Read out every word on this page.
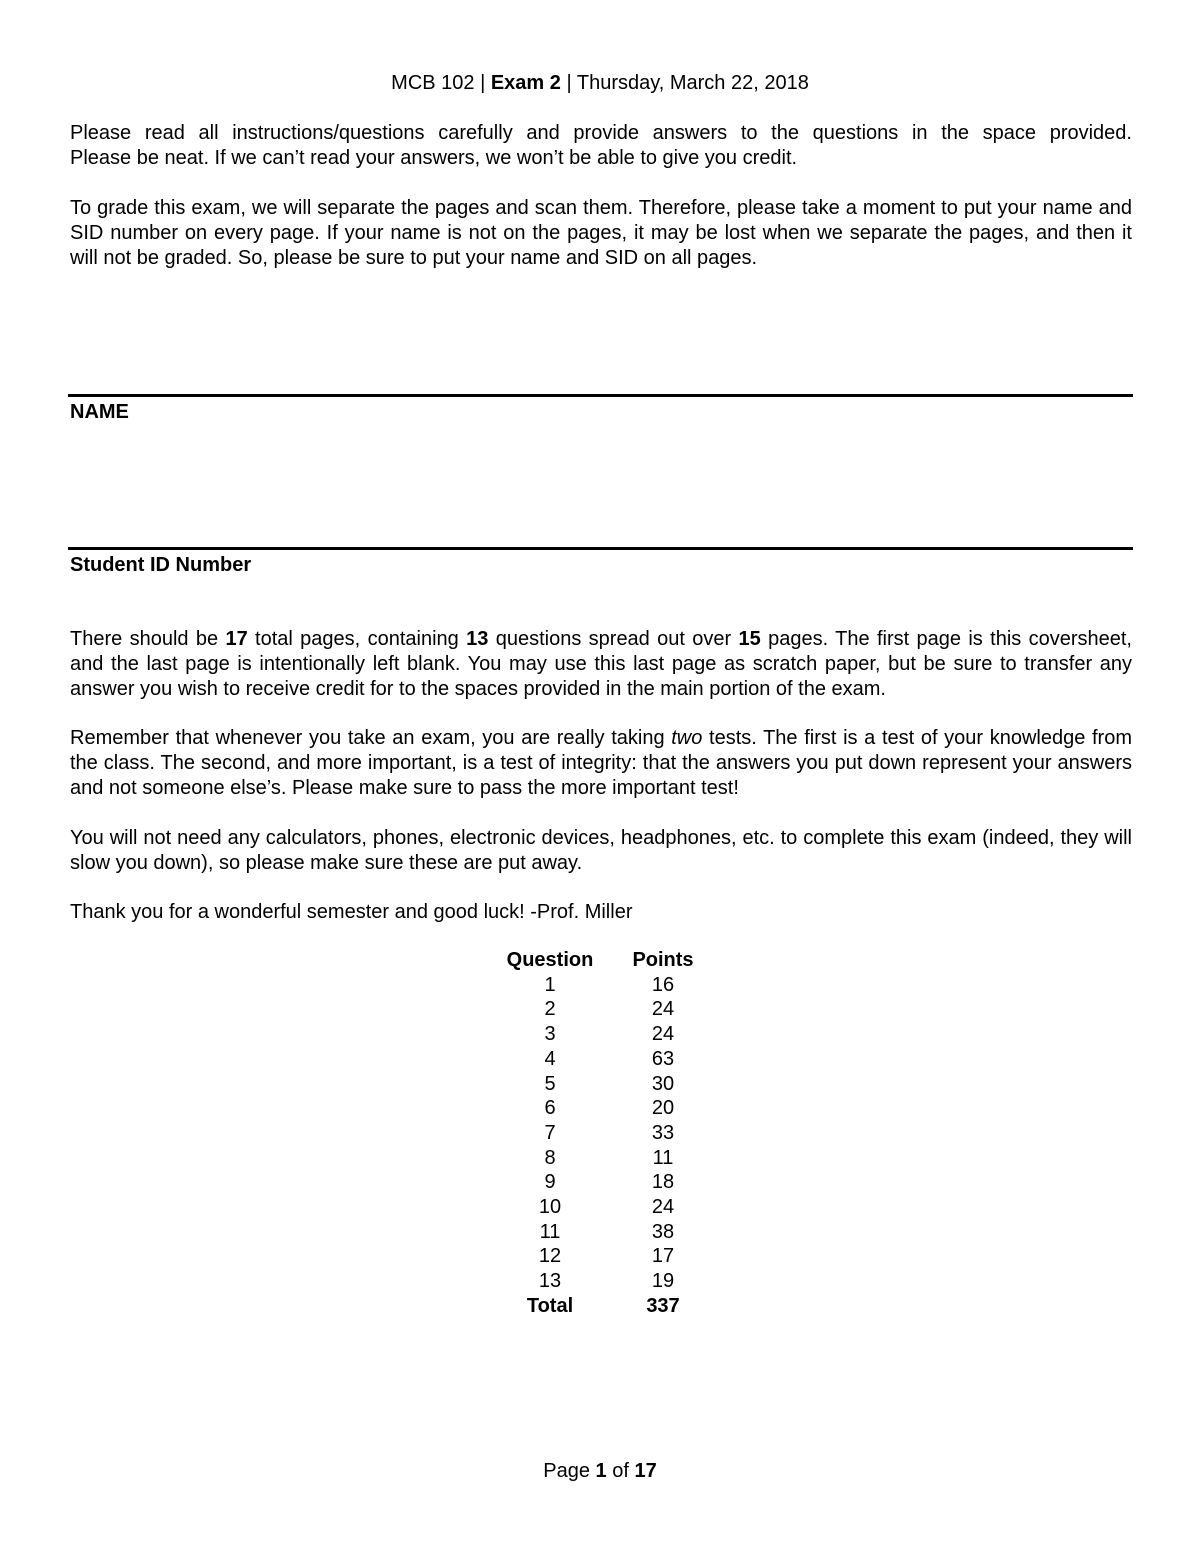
MCB 102 | Exam 2 | Thursday, March 22, 2018

Please read all instructions/questions carefully and provide answers to the questions in the space provided.

Please be neat. If we can’t read your answers, we won’t be able to give you credit.

To grade this exam, we will separate the pages and scan them. Therefore, please take a moment to put your name and SID number on every page. If your name is not on the pages, it may be lost when we separate the pages, and then it will not be graded. So, please be sure to put your name and SID on all pages.

NAME
Student ID Number

There should be 17 total pages, containing 13 questions spread out over 15 pages. The first page is this coversheet, and the last page is intentionally left blank. You may use this last page as scratch paper, but be sure to transfer any answer you wish to receive credit for to the spaces provided in the main portion of the exam.

Remember that whenever you take an exam, you are really taking two tests. The first is a test of your knowledge from the class. The second, and more important, is a test of integrity: that the answers you put down represent your answers and not someone else’s. Please make sure to pass the more important test!

You will not need any calculators, phones, electronic devices, headphones, etc. to complete this exam (indeed, they will slow you down), so please make sure these are put away.

Thank you for a wonderful semester and good luck! -Prof. Miller

Question	Points
1	16
2	24
3	24
4	63
5	30
6	20
7	33
8	11
9	18
10	24
11	38
12	17
13	19
Total	337
Page 1 of 17
